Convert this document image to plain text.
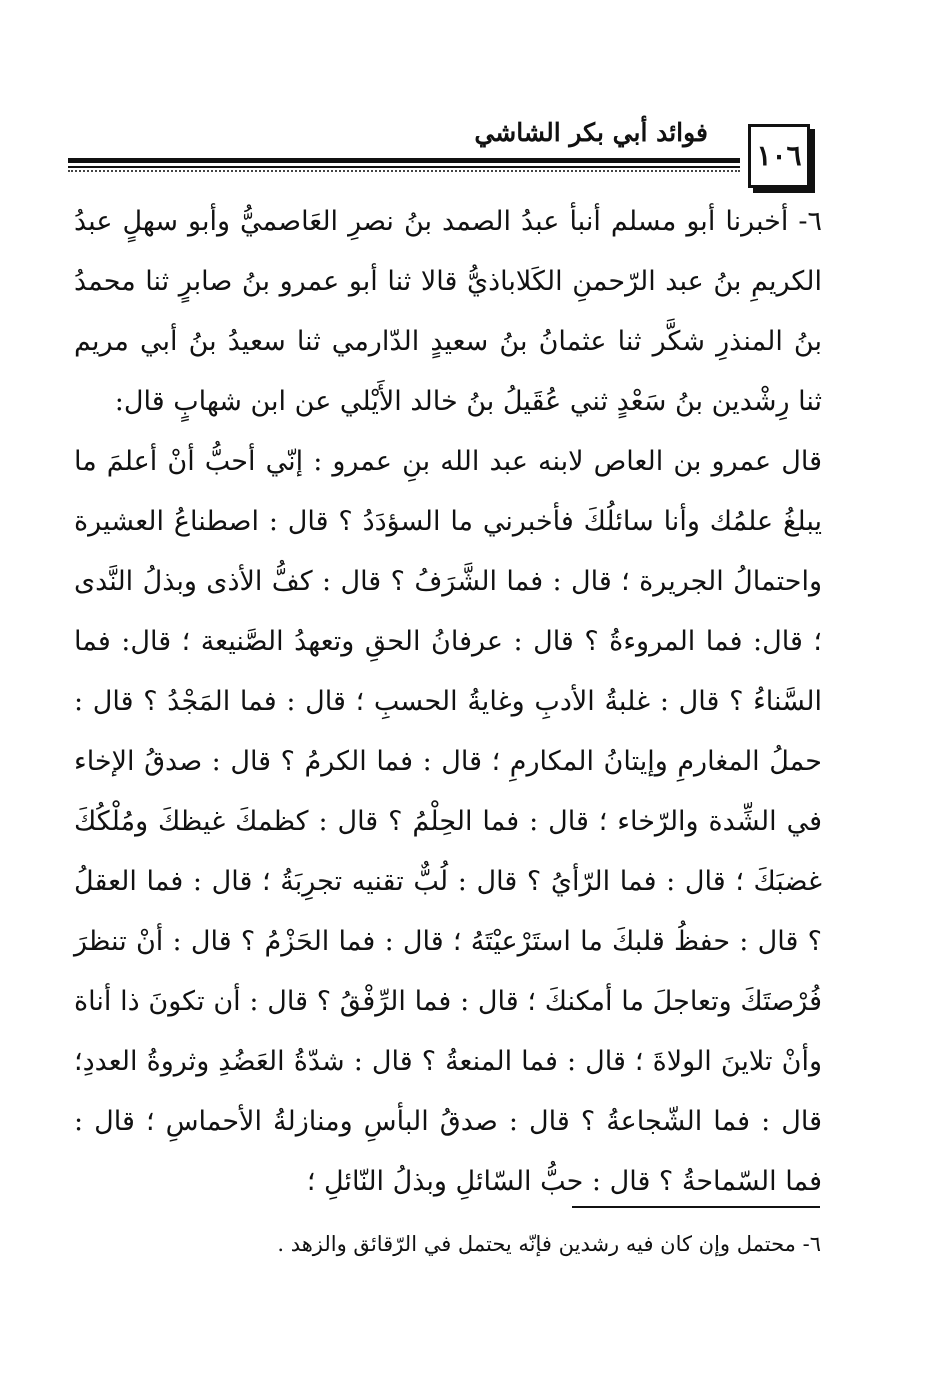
فوائد أبي بكر الشاشي
١٠٦

٦- أخبرنا أبو مسلم أنبأ عبدُ الصمد بنُ نصرِ العَاصميُّ وأبو سهلٍ عبدُ الكريمِ بنُ عبد الرّحمنِ الكَلاباذيُّ قالا ثنا أبو عمرو بنُ صابرٍ ثنا محمدُ بنُ المنذرِ شكَّر ثنا عثمانُ بنُ سعيدٍ الدّارمي ثنا سعيدُ بنُ أبي مريم ثنا رِشْدين بنُ سَعْدٍ ثني عُقَيلُ بنُ خالد الأَيْلي عن ابن شهابٍ قال:

قال عمرو بن العاص لابنه عبد الله بنِ عمرو : إنّي أحبُّ أنْ أعلمَ ما يبلغُ علمُك وأنا سائلُكَ فأخبرني ما السؤدَدُ ؟ قال : اصطناعُ العشيرة واحتمالُ الجريرة ؛ قال : فما الشَّرَفُ ؟ قال : كفُّ الأذى وبذلُ النَّدى ؛ قال: فما المروءةُ ؟ قال : عرفانُ الحقِ وتعهدُ الصَّنيعة ؛ قال: فما السَّناءُ ؟ قال : غلبةُ الأدبِ وغايةُ الحسبِ ؛ قال : فما المَجْدُ ؟ قال : حملُ المغارمِ وإيتانُ المكارمِ ؛ قال : فما الكرمُ ؟ قال : صدقُ الإخاء في الشِّدة والرّخاء ؛ قال : فما الحِلْمُ ؟ قال : كظمكَ غيظكَ ومُلْكُكَ غضبَكَ ؛ قال : فما الرّأيُ ؟ قال : لُبٌّ تقنيه تجرِبَةُ ؛ قال : فما العقلُ ؟ قال : حفظُ قلبكَ ما استَرْعيْتَهُ ؛ قال : فما الحَزْمُ ؟ قال : أنْ تنظرَ فُرْصتَكَ وتعاجلَ ما أمكنكَ ؛ قال : فما الرِّفْقُ ؟ قال : أن تكونَ ذا أناة وأنْ تلاينَ الولاةَ ؛ قال : فما المنعةُ ؟ قال : شدّةُ العَضُدِ وثروةُ العددِ؛ قال : فما الشّجاعةُ ؟ قال : صدقُ البأسِ ومنازلةُ الأحماسِ ؛ قال : فما السّماحةُ ؟ قال : حبُّ السّائلِ وبذلُ النّائلِ ؛

٦- محتمل وإن كان فيه رشدين فإنّه يحتمل في الرّقائق والزهد .
